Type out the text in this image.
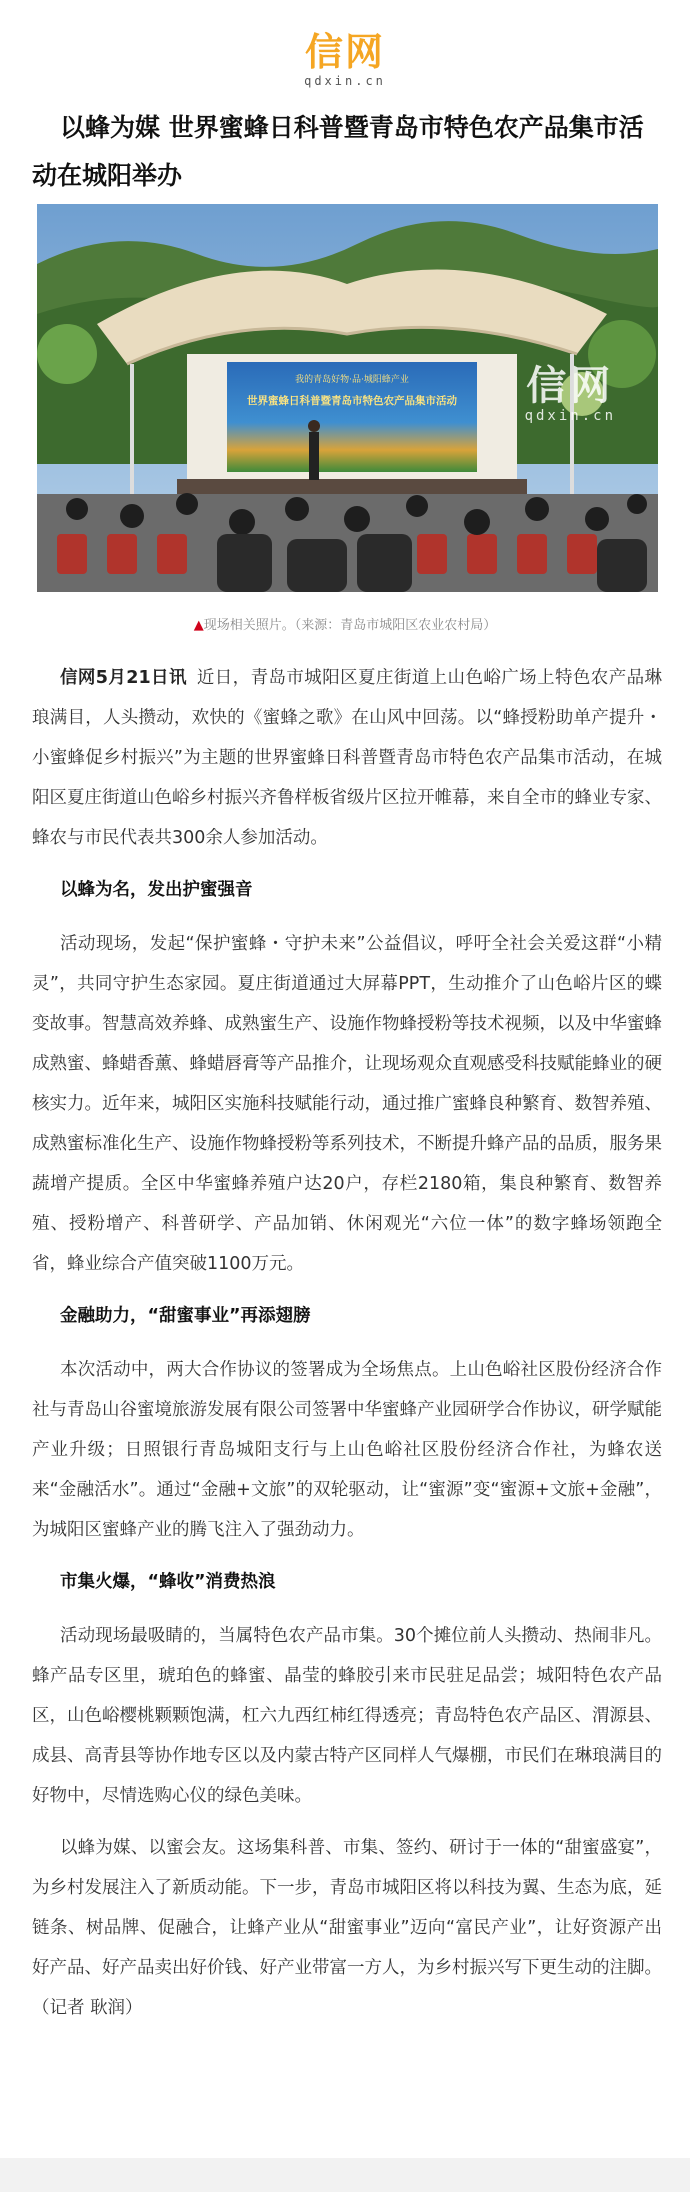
信网
qdxin.cn
以蜂为媒 世界蜜蜂日科普暨青岛市特色农产品集市活动在城阳举办
我的青岛好物·品·城阳蜂产业
世界蜜蜂日科普暨青岛市特色农产品集市活动 信网
qdxin.cn
▲现场相关照片。（来源：青岛市城阳区农业农村局）

信网5月21日讯 近日，青岛市城阳区夏庄街道上山色峪广场上特色农产品琳琅满目，人头攒动，欢快的《蜜蜂之歌》在山风中回荡。以“蜂授粉助单产提升・小蜜蜂促乡村振兴”为主题的世界蜜蜂日科普暨青岛市特色农产品集市活动，在城阳区夏庄街道山色峪乡村振兴齐鲁样板省级片区拉开帷幕，来自全市的蜂业专家、蜂农与市民代表共300余人参加活动。

以蜂为名，发出护蜜强音

活动现场，发起“保护蜜蜂・守护未来”公益倡议，呼吁全社会关爱这群“小精灵”，共同守护生态家园。夏庄街道通过大屏幕PPT，生动推介了山色峪片区的蝶变故事。智慧高效养蜂、成熟蜜生产、设施作物蜂授粉等技术视频，以及中华蜜蜂成熟蜜、蜂蜡香薰、蜂蜡唇膏等产品推介，让现场观众直观感受科技赋能蜂业的硬核实力。近年来，城阳区实施科技赋能行动，通过推广蜜蜂良种繁育、数智养殖、成熟蜜标准化生产、设施作物蜂授粉等系列技术，不断提升蜂产品的品质，服务果蔬增产提质。全区中华蜜蜂养殖户达20户，存栏2180箱，集良种繁育、数智养殖、授粉增产、科普研学、产品加销、休闲观光“六位一体”的数字蜂场领跑全省，蜂业综合产值突破1100万元。

金融助力，“甜蜜事业”再添翅膀

本次活动中，两大合作协议的签署成为全场焦点。上山色峪社区股份经济合作社与青岛山谷蜜境旅游发展有限公司签署中华蜜蜂产业园研学合作协议，研学赋能产业升级；日照银行青岛城阳支行与上山色峪社区股份经济合作社，为蜂农送来“金融活水”。通过“金融+文旅”的双轮驱动，让“蜜源”变“蜜源+文旅+金融”，为城阳区蜜蜂产业的腾飞注入了强劲动力。

市集火爆，“蜂收”消费热浪

活动现场最吸睛的，当属特色农产品市集。30个摊位前人头攒动、热闹非凡。蜂产品专区里，琥珀色的蜂蜜、晶莹的蜂胶引来市民驻足品尝；城阳特色农产品区，山色峪樱桃颗颗饱满，杠六九西红柿红得透亮；青岛特色农产品区、渭源县、成县、高青县等协作地专区以及内蒙古特产区同样人气爆棚，市民们在琳琅满目的好物中，尽情选购心仪的绿色美味。

以蜂为媒、以蜜会友。这场集科普、市集、签约、研讨于一体的“甜蜜盛宴”，为乡村发展注入了新质动能。下一步，青岛市城阳区将以科技为翼、生态为底，延链条、树品牌、促融合，让蜂产业从“甜蜜事业”迈向“富民产业”，让好资源产出好产品、好产品卖出好价钱、好产业带富一方人，为乡村振兴写下更生动的注脚。（记者 耿润）
